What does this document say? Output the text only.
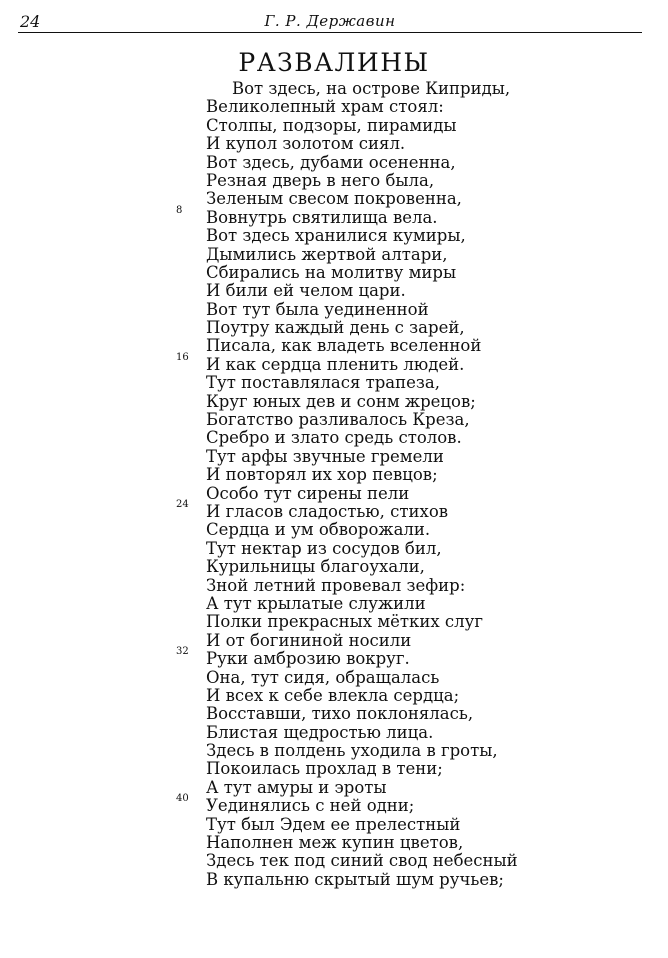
24	Г. Р. Державин
РАЗВАЛИНЫ
Вот здесь, на острове Киприды,
Великолепный храм стоял:
Столпы, подзоры, пирамиды
И купол золотом сиял.
Вот здесь, дубами осененна,
Резная дверь в него была,
Зеленым свесом покровенна,
8 Вовнутрь святилища вела.
Вот здесь хранилися кумиры,
Дымились жертвой алтари,
Сбирались на молитву миры
И били ей челом цари.
Вот тут была уединенной
Поутру каждый день с зарей,
Писала, как владеть вселенной
16 И как сердца пленить людей.
Тут поставлялася трапеза,
Круг юных дев и сонм жрецов;
Богатство разливалось Креза,
Сребро и злато средь столов.
Тут арфы звучные гремели
И повторял их хор певцов;
Особо тут сирены пели
24 И гласов сладостью, стихов
Сердца и ум обворожали.
Тут нектар из сосудов бил,
Курильницы благоухали,
Зной летний провевал зефир:
А тут крылатые служили
Полки прекрасных мётких слуг
И от богининой носили
32 Руки амброзию вокруг.
Она, тут сидя, обращалась
И всех к себе влекла сердца;
Восставши, тихо поклонялась,
Блистая щедростью лица.
Здесь в полдень уходила в гроты,
Покоилась прохлад в тени;
А тут амуры и эроты
40 Уединялись с ней одни;
Тут был Эдем ее прелестный
Наполнен меж купин цветов,
Здесь тек под синий свод небесный
В купальню скрытый шум ручьев;
